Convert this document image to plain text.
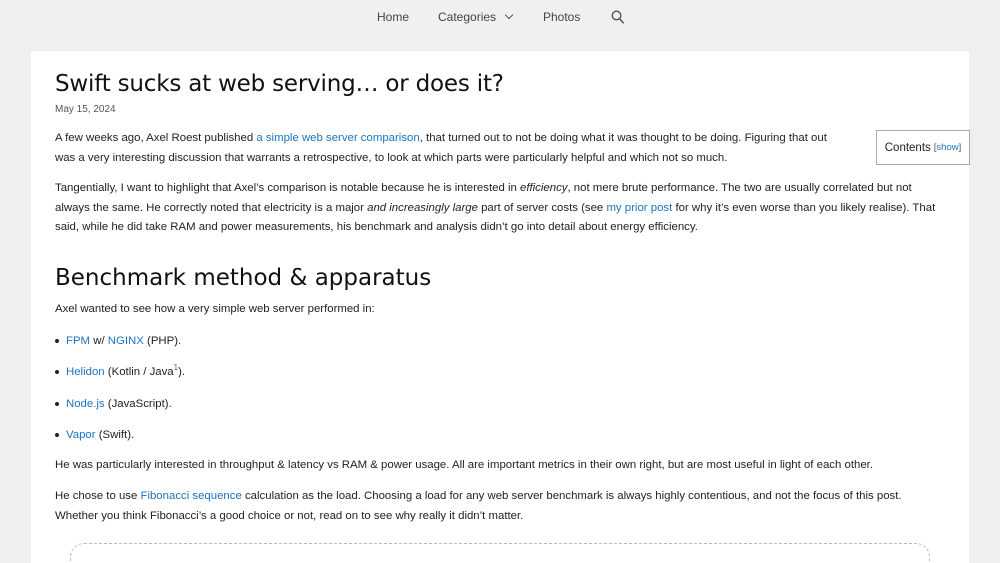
Home Categories	Photos
Swift sucks at web serving… or does it?
May 15, 2024
Contents [show]

A few weeks ago, Axel Roest published a simple web server comparison, that turned out to not be doing what it was thought to be doing. Figuring that out was a very interesting discussion that warrants a retrospective, to look at which parts were particularly helpful and which not so much.

Tangentially, I want to highlight that Axel’s comparison is notable because he is interested in efficiency, not mere brute performance. The two are usually correlated but not always the same. He correctly noted that electricity is a major and increasingly large part of server costs (see my prior post for why it’s even worse than you likely realise). That said, while he did take RAM and power measurements, his benchmark and analysis didn’t go into detail about energy efficiency.

Benchmark method & apparatus

Axel wanted to see how a very simple web server performed in:

FPM w/ NGINX (PHP).
Helidon (Kotlin / Java$^1$).
Node.js (JavaScript).
Vapor (Swift).

He was particularly interested in throughput & latency vs RAM & power usage. All are important metrics in their own right, but are most useful in light of each other.

He chose to use Fibonacci sequence calculation as the load. Choosing a load for any web server benchmark is always highly contentious, and not the focus of this post. Whether you think Fibonacci’s a good choice or not, read on to see why really it didn’t matter.
